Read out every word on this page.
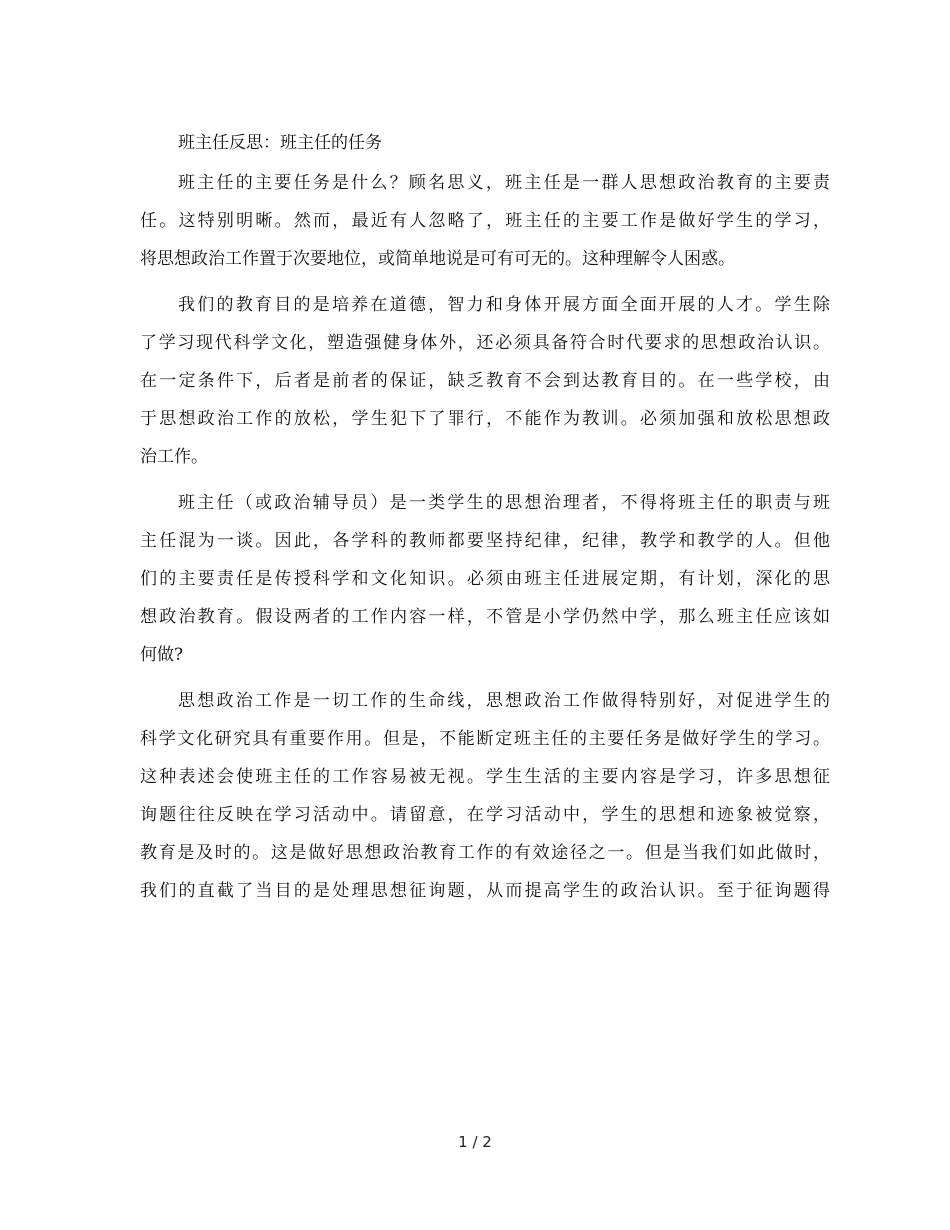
班主任反思：班主任的任务
班主任的主要任务是什么？顾名思义，班主任是一群人思想政治教育的主要责
任。这特别明晰。然而，最近有人忽略了，班主任的主要工作是做好学生的学习，
将思想政治工作置于次要地位，或简单地说是可有可无的。这种理解令人困惑。
我们的教育目的是培养在道德，智力和身体开展方面全面开展的人才。学生除
了学习现代科学文化，塑造强健身体外，还必须具备符合时代要求的思想政治认识。
在一定条件下，后者是前者的保证，缺乏教育不会到达教育目的。在一些学校，由
于思想政治工作的放松，学生犯下了罪行，不能作为教训。必须加强和放松思想政
治工作。
班主任（或政治辅导员）是一类学生的思想治理者，不得将班主任的职责与班
主任混为一谈。因此，各学科的教师都要坚持纪律，纪律，教学和教学的人。但他
们的主要责任是传授科学和文化知识。必须由班主任进展定期，有计划，深化的思
想政治教育。假设两者的工作内容一样，不管是小学仍然中学，那么班主任应该如
何做?
思想政治工作是一切工作的生命线，思想政治工作做得特别好，对促进学生的
科学文化研究具有重要作用。但是，不能断定班主任的主要任务是做好学生的学习。
这种表述会使班主任的工作容易被无视。学生生活的主要内容是学习，许多思想征
询题往往反映在学习活动中。请留意，在学习活动中，学生的思想和迹象被觉察，
教育是及时的。这是做好思想政治教育工作的有效途径之一。但是当我们如此做时，
我们的直截了当目的是处理思想征询题，从而提高学生的政治认识。至于征询题得
1 / 2
